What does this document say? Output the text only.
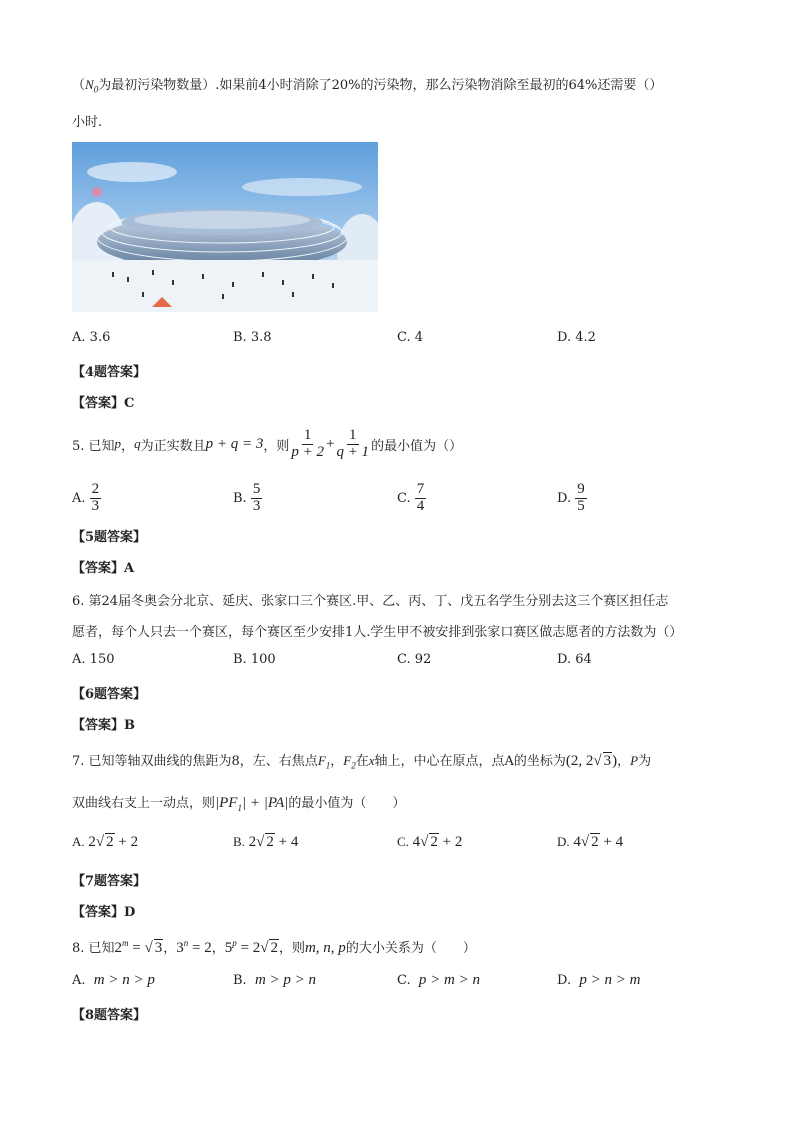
（$N_0$为最初污染物数量）.如果前4小时消除了20%的污染物，那么污染物消除至最初的64%还需要（）
小时.
A. 3.6	B. 3.8	C. 4	D. 4.2
【4题答案】
【答案】C
5. 已知 p ， q 为正实数且 p + q = 3 ，则 $\frac{1}{p + 2} + \frac{1}{q + 1}$ 的最小值为（）
A.
$\frac{2}{3}$	B.
$\frac{5}{3}$	C.
$\frac{7}{4}$	D.
$\frac{9}{5}$
【5题答案】
【答案】A
6. 第24届冬奥会分北京、延庆、张家口三个赛区.甲、乙、丙、丁、戊五名学生分别去这三个赛区担任志
愿者，每个人只去一个赛区，每个赛区至少安排1人.学生甲不被安排到张家口赛区做志愿者的方法数为（）
A. 150	B. 100	C. 92	D. 64
【6题答案】
【答案】B
7. 已知等轴双曲线的焦距为8，左、右焦点$F_1$，$F_2$在x轴上，中心在原点，点A的坐标为(2, 2√ 3)，P为
双曲线右支上一动点，则$|PF_1| + |PA|$的最小值为（　　）
A. 2√ 2 + 2	B. 2√ 2 + 4	C. 4√ 2 + 2	D. 4√ 2 + 4
【7题答案】
【答案】D
8. 已知$2^m$ = √ 3，$3^n = 2$，$5^p = 2√$ 2，则m, n, p的大小关系为（　　）
A. m > n > p	B. m > p > n	C. p > m > n	D. p > n > m
【8题答案】
